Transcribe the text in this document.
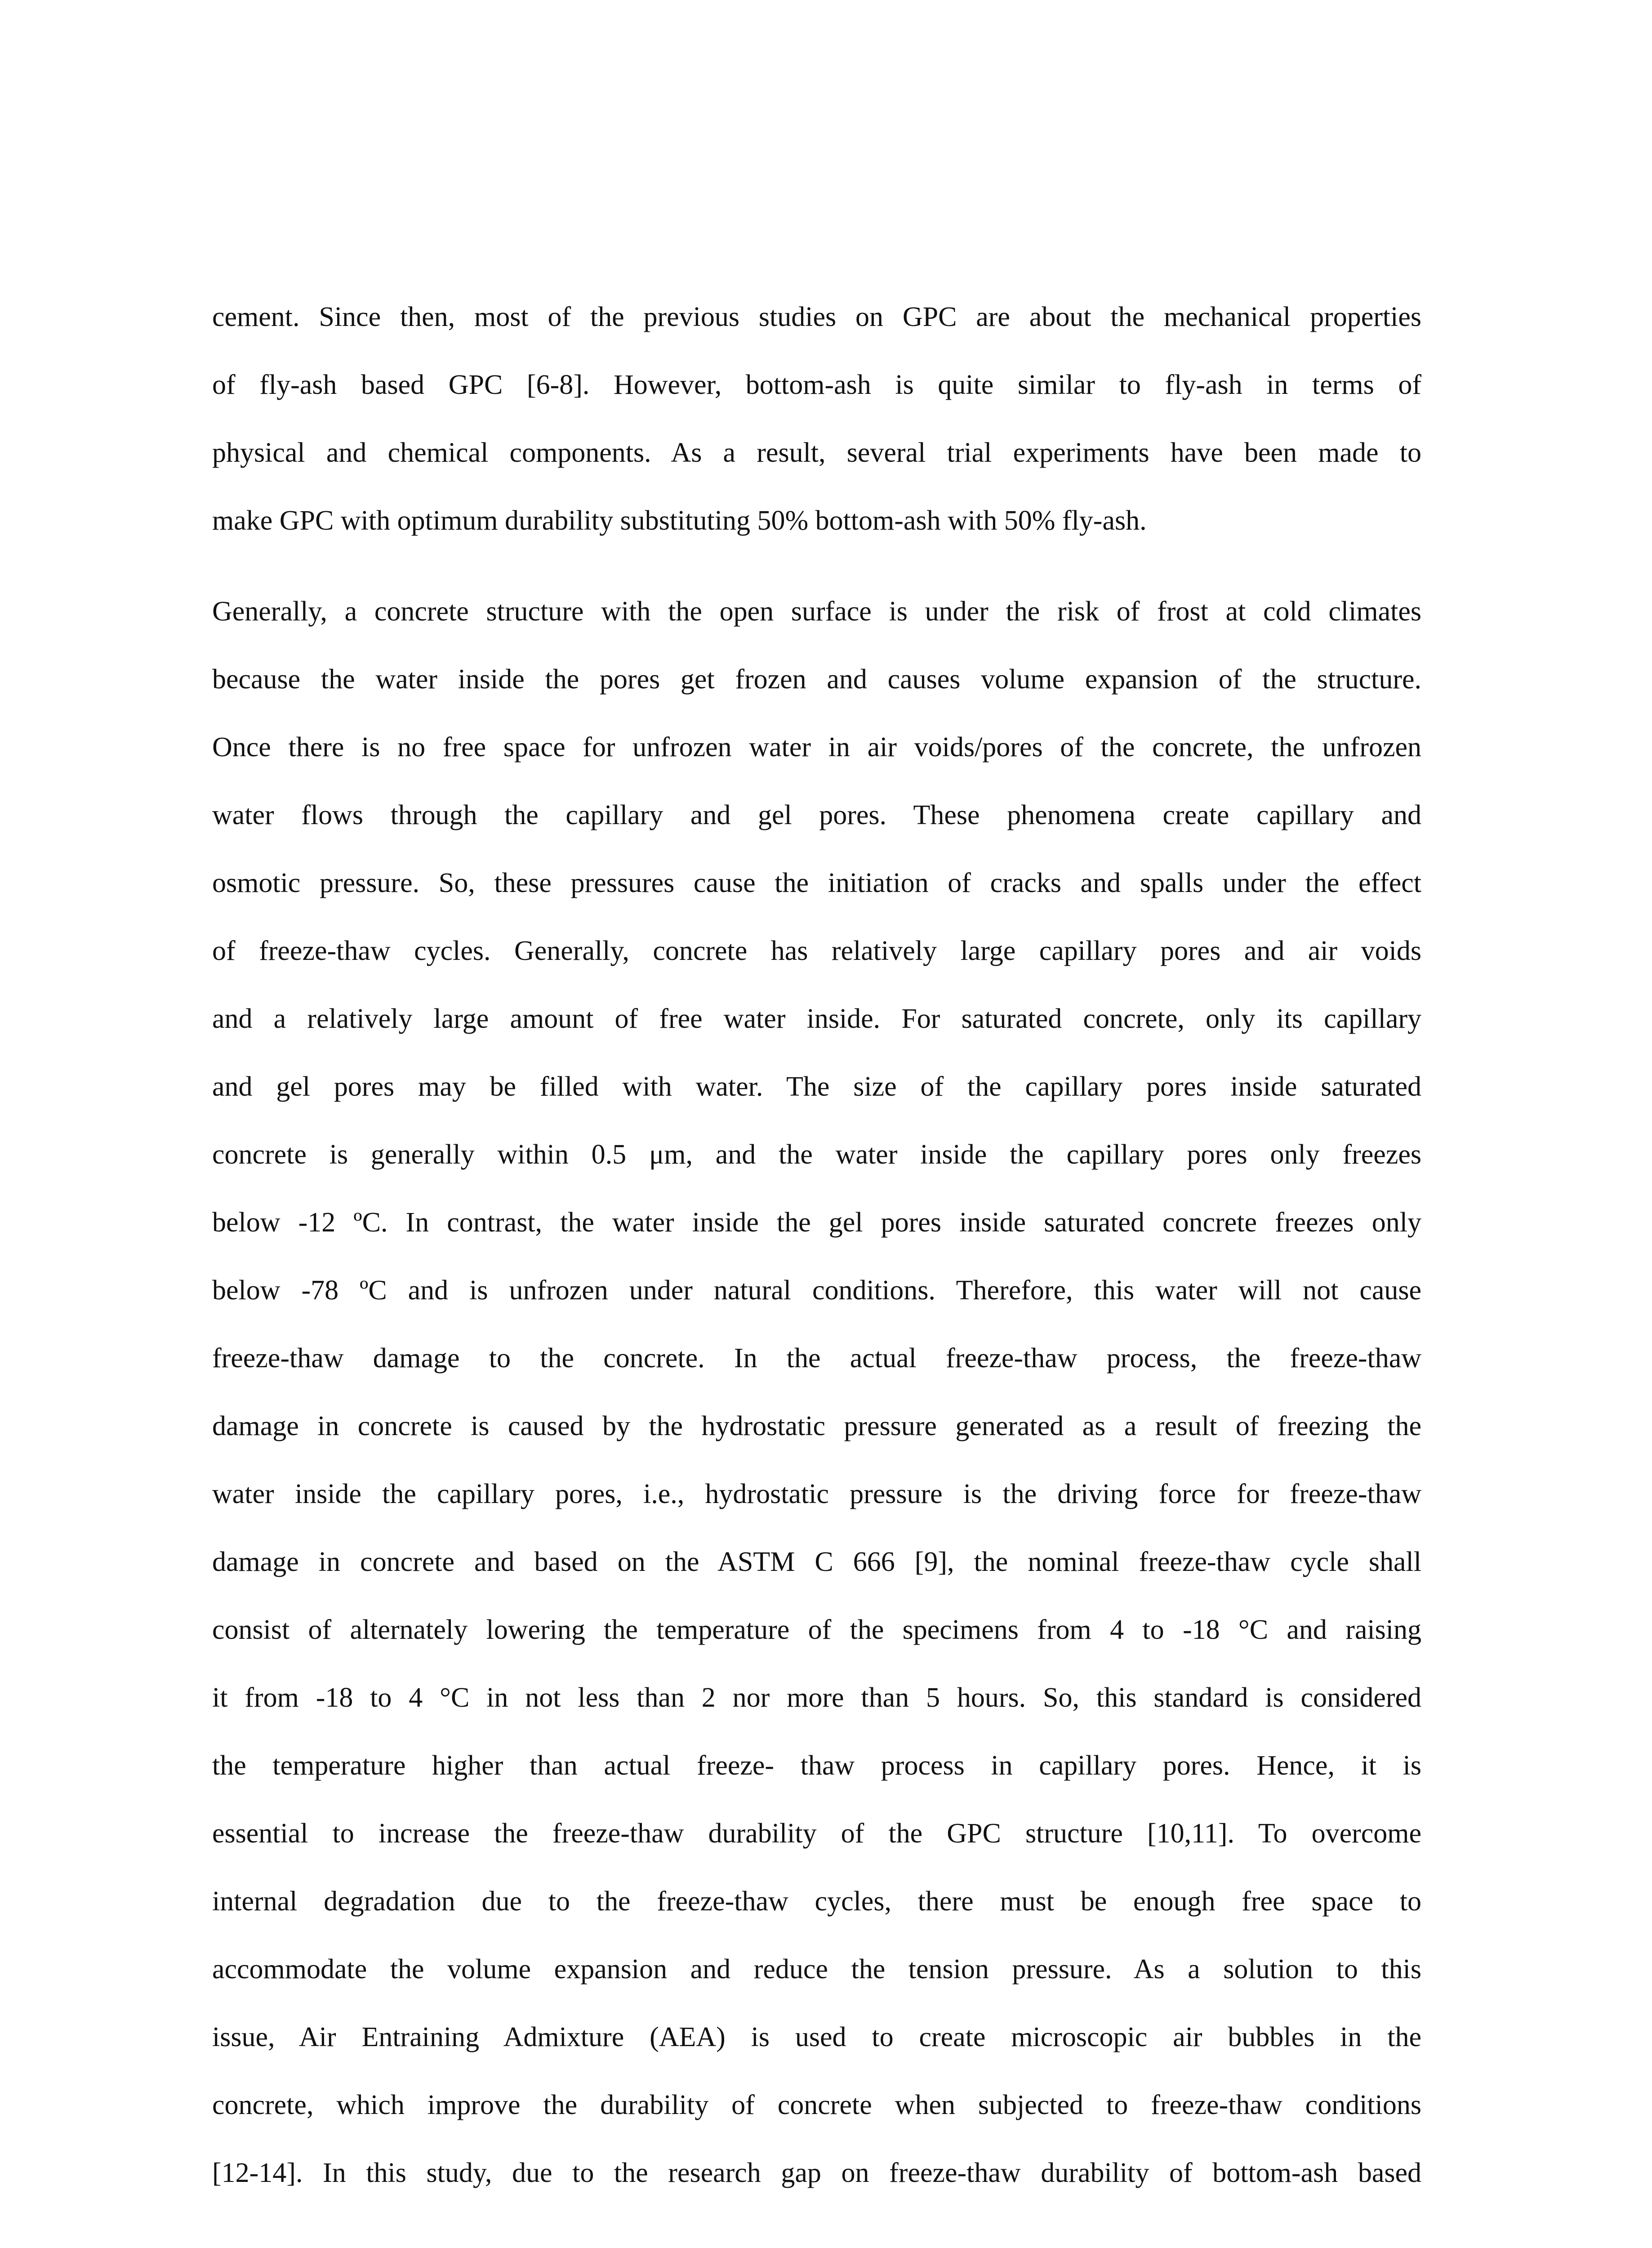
cement. Since then, most of the previous studies on GPC are about the mechanical properties
of fly-ash based GPC [6-8]. However, bottom-ash is quite similar to fly-ash in terms of
physical and chemical components. As a result, several trial experiments have been made to
make GPC with optimum durability substituting 50% bottom-ash with 50% fly-ash.
Generally, a concrete structure with the open surface is under the risk of frost at cold climates
because the water inside the pores get frozen and causes volume expansion of the structure.
Once there is no free space for unfrozen water in air voids/pores of the concrete, the unfrozen
water flows through the capillary and gel pores. These phenomena create capillary and
osmotic pressure. So, these pressures cause the initiation of cracks and spalls under the effect
of freeze-thaw cycles. Generally, concrete has relatively large capillary pores and air voids
and a relatively large amount of free water inside. For saturated concrete, only its capillary
and gel pores may be filled with water. The size of the capillary pores inside saturated
concrete is generally within 0.5 μm, and the water inside the capillary pores only freezes
below -12 ºC. In contrast, the water inside the gel pores inside saturated concrete freezes only
below -78 ºC and is unfrozen under natural conditions. Therefore, this water will not cause
freeze-thaw damage to the concrete. In the actual freeze-thaw process, the freeze-thaw
damage in concrete is caused by the hydrostatic pressure generated as a result of freezing the
water inside the capillary pores, i.e., hydrostatic pressure is the driving force for freeze-thaw
damage in concrete and based on the ASTM C 666 [9], the nominal freeze-thaw cycle shall
consist of alternately lowering the temperature of the specimens from 4 to -18 °C and raising
it from -18 to 4 °C in not less than 2 nor more than 5 hours. So, this standard is considered
the temperature higher than actual freeze- thaw process in capillary pores. Hence, it is
essential to increase the freeze-thaw durability of the GPC structure [10,11]. To overcome
internal degradation due to the freeze-thaw cycles, there must be enough free space to
accommodate the volume expansion and reduce the tension pressure. As a solution to this
issue, Air Entraining Admixture (AEA) is used to create microscopic air bubbles in the
concrete, which improve the durability of concrete when subjected to freeze-thaw conditions
[12-14]. In this study, due to the research gap on freeze-thaw durability of bottom-ash based
